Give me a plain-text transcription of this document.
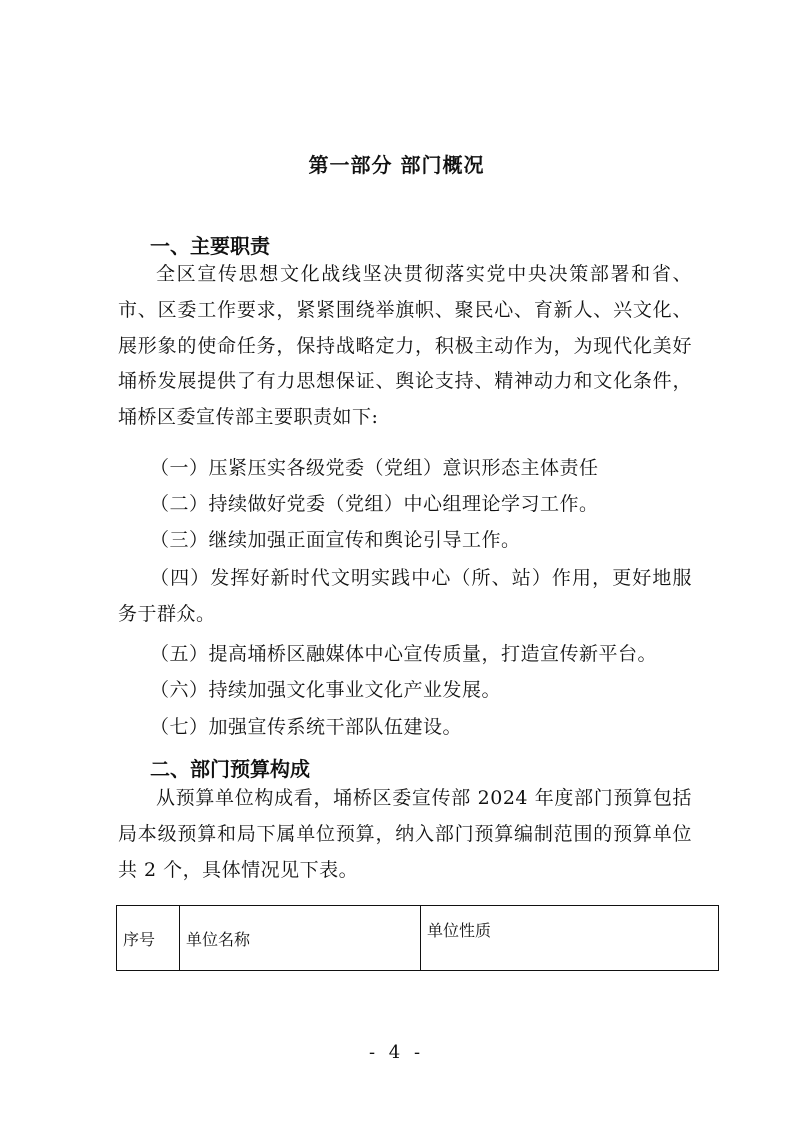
第一部分 部门概况
一、主要职责
全区宣传思想文化战线坚决贯彻落实党中央决策部署和省、市、区委工作要求，紧紧围绕举旗帜、聚民心、育新人、兴文化、展形象的使命任务，保持战略定力，积极主动作为，为现代化美好埇桥发展提供了有力思想保证、舆论支持、精神动力和文化条件，埇桥区委宣传部主要职责如下:
（一）压紧压实各级党委（党组）意识形态主体责任
（二）持续做好党委（党组）中心组理论学习工作。
（三）继续加强正面宣传和舆论引导工作。
（四）发挥好新时代文明实践中心（所、站）作用，更好地服务于群众。
（五）提高埇桥区融媒体中心宣传质量，打造宣传新平台。
（六）持续加强文化事业文化产业发展。
（七）加强宣传系统干部队伍建设。
二、部门预算构成
从预算单位构成看，埇桥区委宣传部 2024 年度部门预算包括局本级预算和局下属单位预算，纳入部门预算编制范围的预算单位共 2 个，具体情况见下表。
序号	单位名称	单位性质
- 4 -
